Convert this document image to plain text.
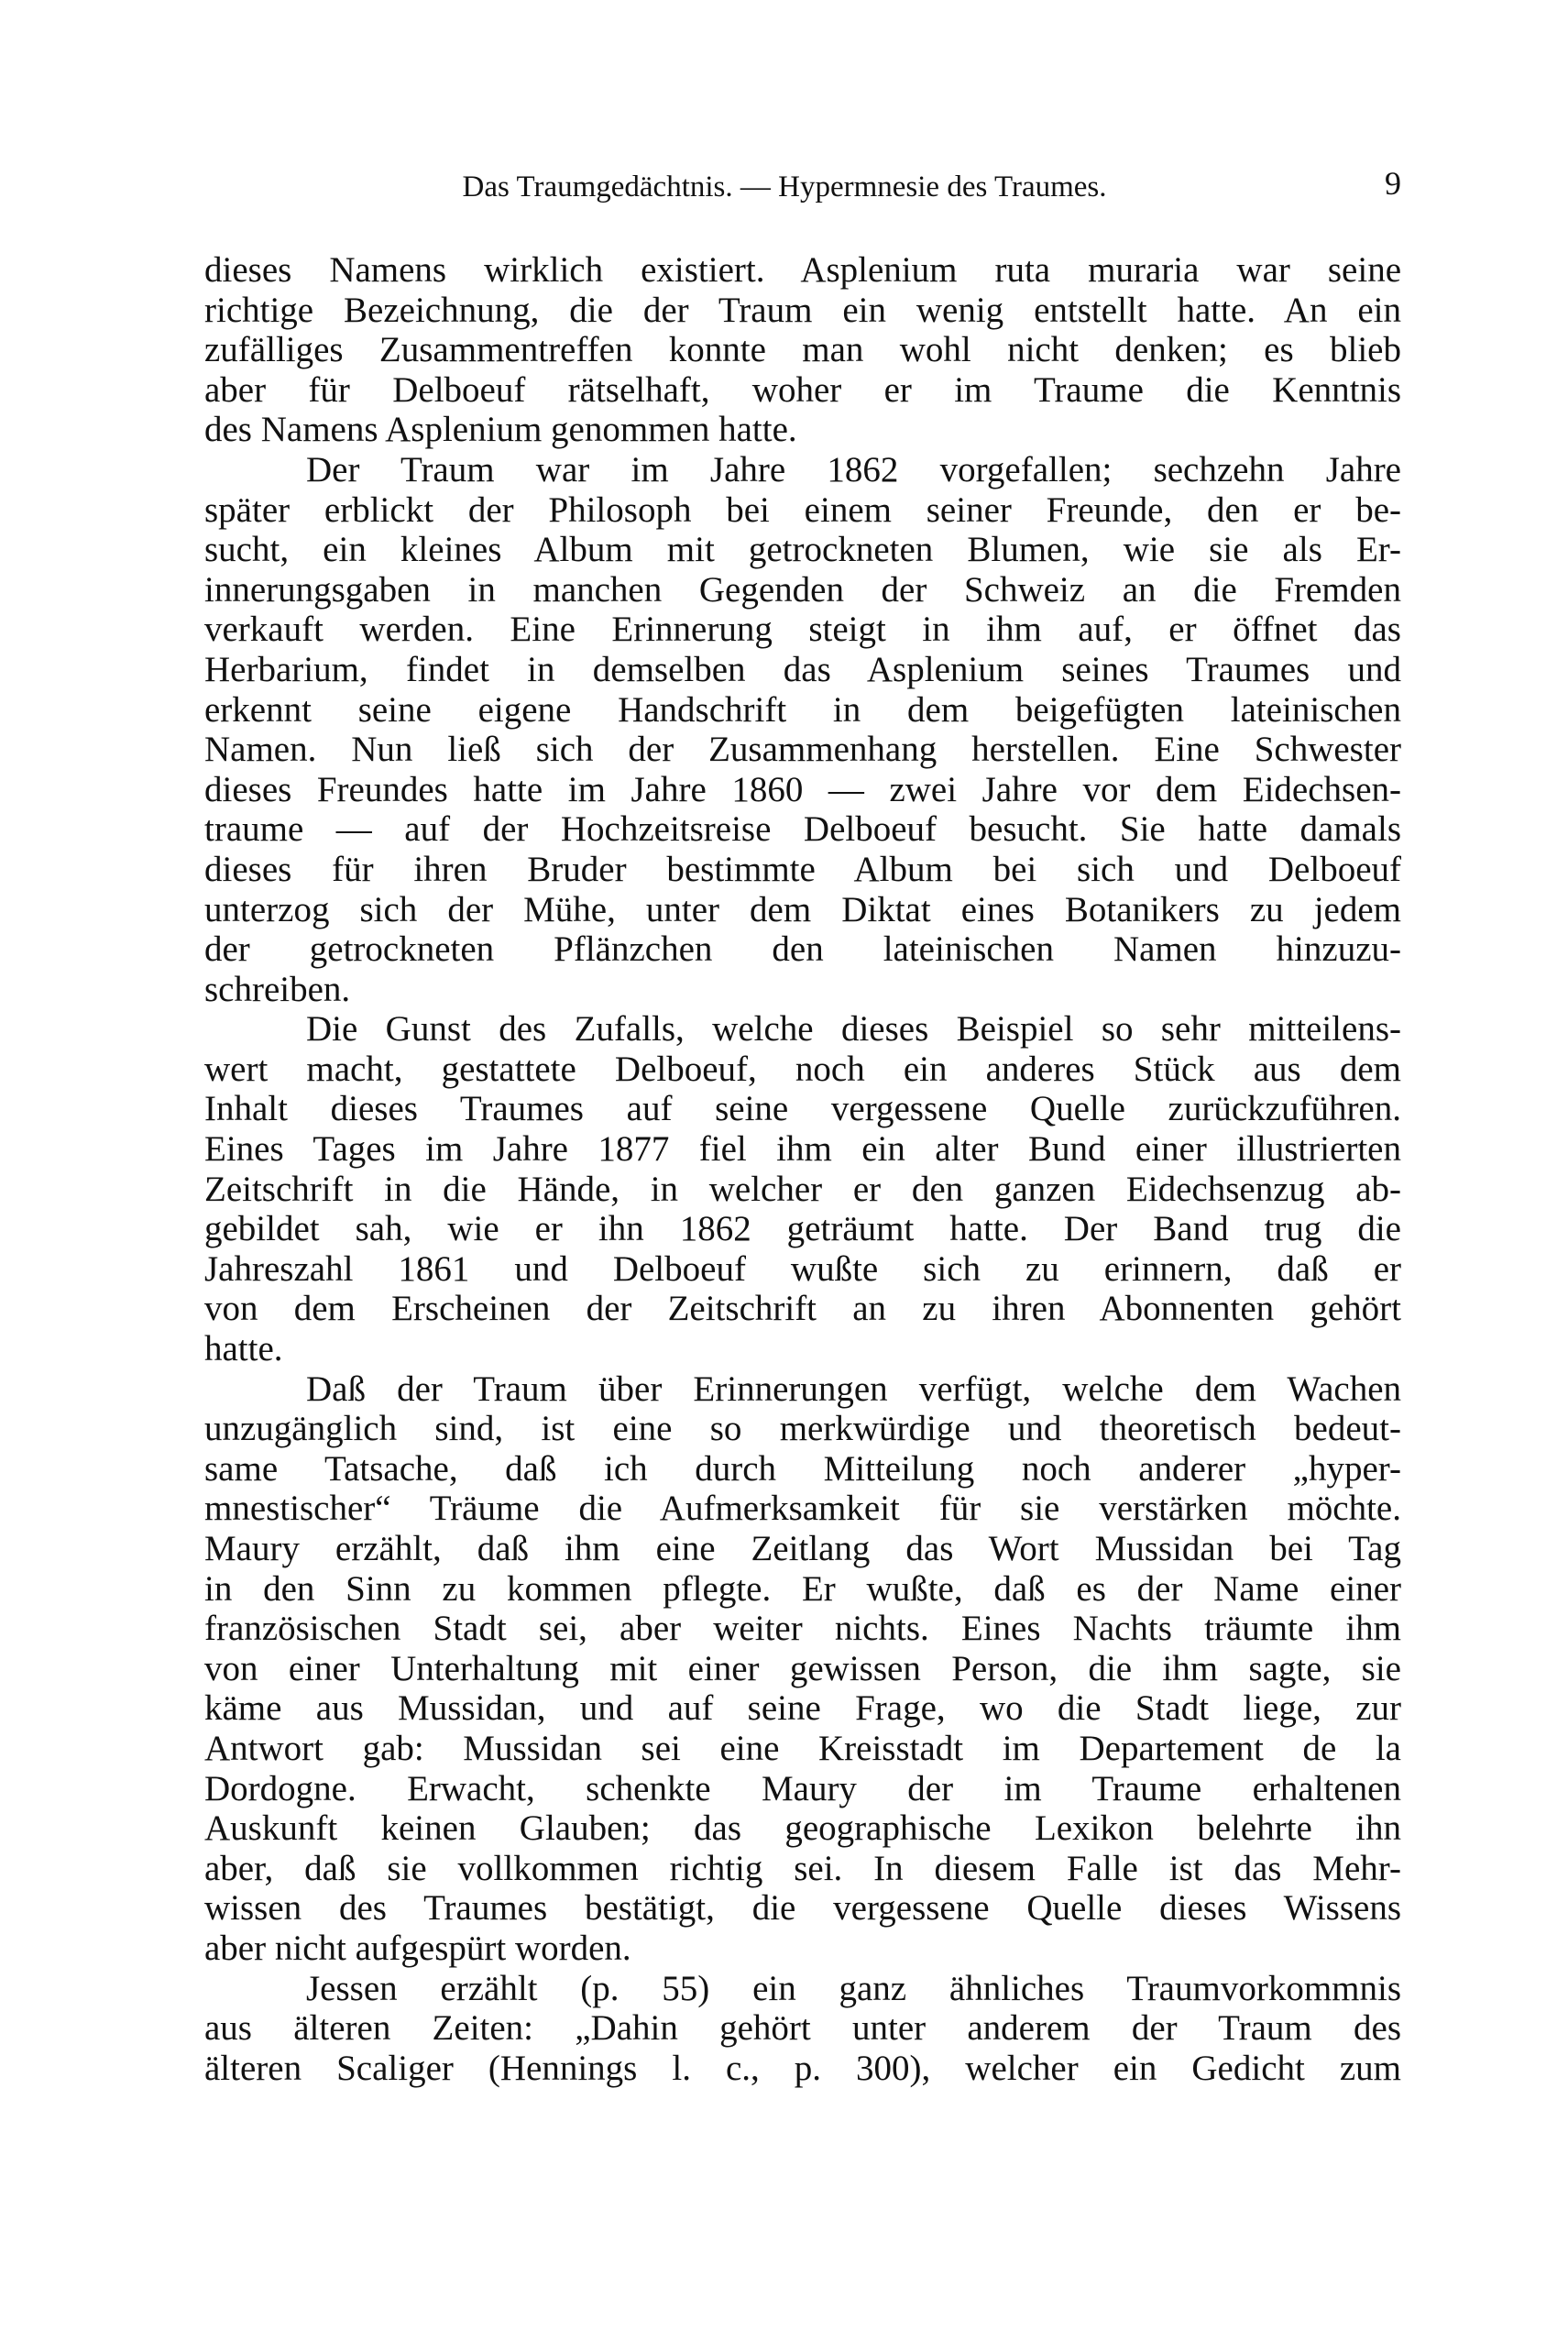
Das Traumgedächtnis. — Hypermnesie des Traumes.	9
dieses Namens wirklich existiert. Asplenium ruta muraria war seine
richtige Bezeichnung, die der Traum ein wenig entstellt hatte. An ein
zufälliges Zusammentreffen konnte man wohl nicht denken; es blieb
aber für Delboeuf rätselhaft, woher er im Traume die Kenntnis
des Namens Asplenium genommen hatte.
Der Traum war im Jahre 1862 vorgefallen; sechzehn Jahre
später erblickt der Philosoph bei einem seiner Freunde, den er be-
sucht, ein kleines Album mit getrockneten Blumen, wie sie als Er-
innerungsgaben in manchen Gegenden der Schweiz an die Fremden
verkauft werden. Eine Erinnerung steigt in ihm auf, er öffnet das
Herbarium, findet in demselben das Asplenium seines Traumes und
erkennt seine eigene Handschrift in dem beigefügten lateinischen
Namen. Nun ließ sich der Zusammenhang herstellen. Eine Schwester
dieses Freundes hatte im Jahre 1860 — zwei Jahre vor dem Eidechsen-
traume — auf der Hochzeitsreise Delboeuf besucht. Sie hatte damals
dieses für ihren Bruder bestimmte Album bei sich und Delboeuf
unterzog sich der Mühe, unter dem Diktat eines Botanikers zu jedem
der getrockneten Pflänzchen den lateinischen Namen hinzuzu-
schreiben.
Die Gunst des Zufalls, welche dieses Beispiel so sehr mitteilens-
wert macht, gestattete Delboeuf, noch ein anderes Stück aus dem
Inhalt dieses Traumes auf seine vergessene Quelle zurückzuführen.
Eines Tages im Jahre 1877 fiel ihm ein alter Bund einer illustrierten
Zeitschrift in die Hände, in welcher er den ganzen Eidechsenzug ab-
gebildet sah, wie er ihn 1862 geträumt hatte. Der Band trug die
Jahreszahl 1861 und Delboeuf wußte sich zu erinnern, daß er
von dem Erscheinen der Zeitschrift an zu ihren Abonnenten gehört
hatte.
Daß der Traum über Erinnerungen verfügt, welche dem Wachen
unzugänglich sind, ist eine so merkwürdige und theoretisch bedeut-
same Tatsache, daß ich durch Mitteilung noch anderer „hyper-
mnestischer“ Träume die Aufmerksamkeit für sie verstärken möchte.
Maury erzählt, daß ihm eine Zeitlang das Wort Mussidan bei Tag
in den Sinn zu kommen pflegte. Er wußte, daß es der Name einer
französischen Stadt sei, aber weiter nichts. Eines Nachts träumte ihm
von einer Unterhaltung mit einer gewissen Person, die ihm sagte, sie
käme aus Mussidan, und auf seine Frage, wo die Stadt liege, zur
Antwort gab: Mussidan sei eine Kreisstadt im Departement de la
Dordogne. Erwacht, schenkte Maury der im Traume erhaltenen
Auskunft keinen Glauben; das geographische Lexikon belehrte ihn
aber, daß sie vollkommen richtig sei. In diesem Falle ist das Mehr-
wissen des Traumes bestätigt, die vergessene Quelle dieses Wissens
aber nicht aufgespürt worden.
Jessen erzählt (p. 55) ein ganz ähnliches Traumvorkommnis
aus älteren Zeiten: „Dahin gehört unter anderem der Traum des
älteren Scaliger (Hennings l. c., p. 300), welcher ein Gedicht zum
